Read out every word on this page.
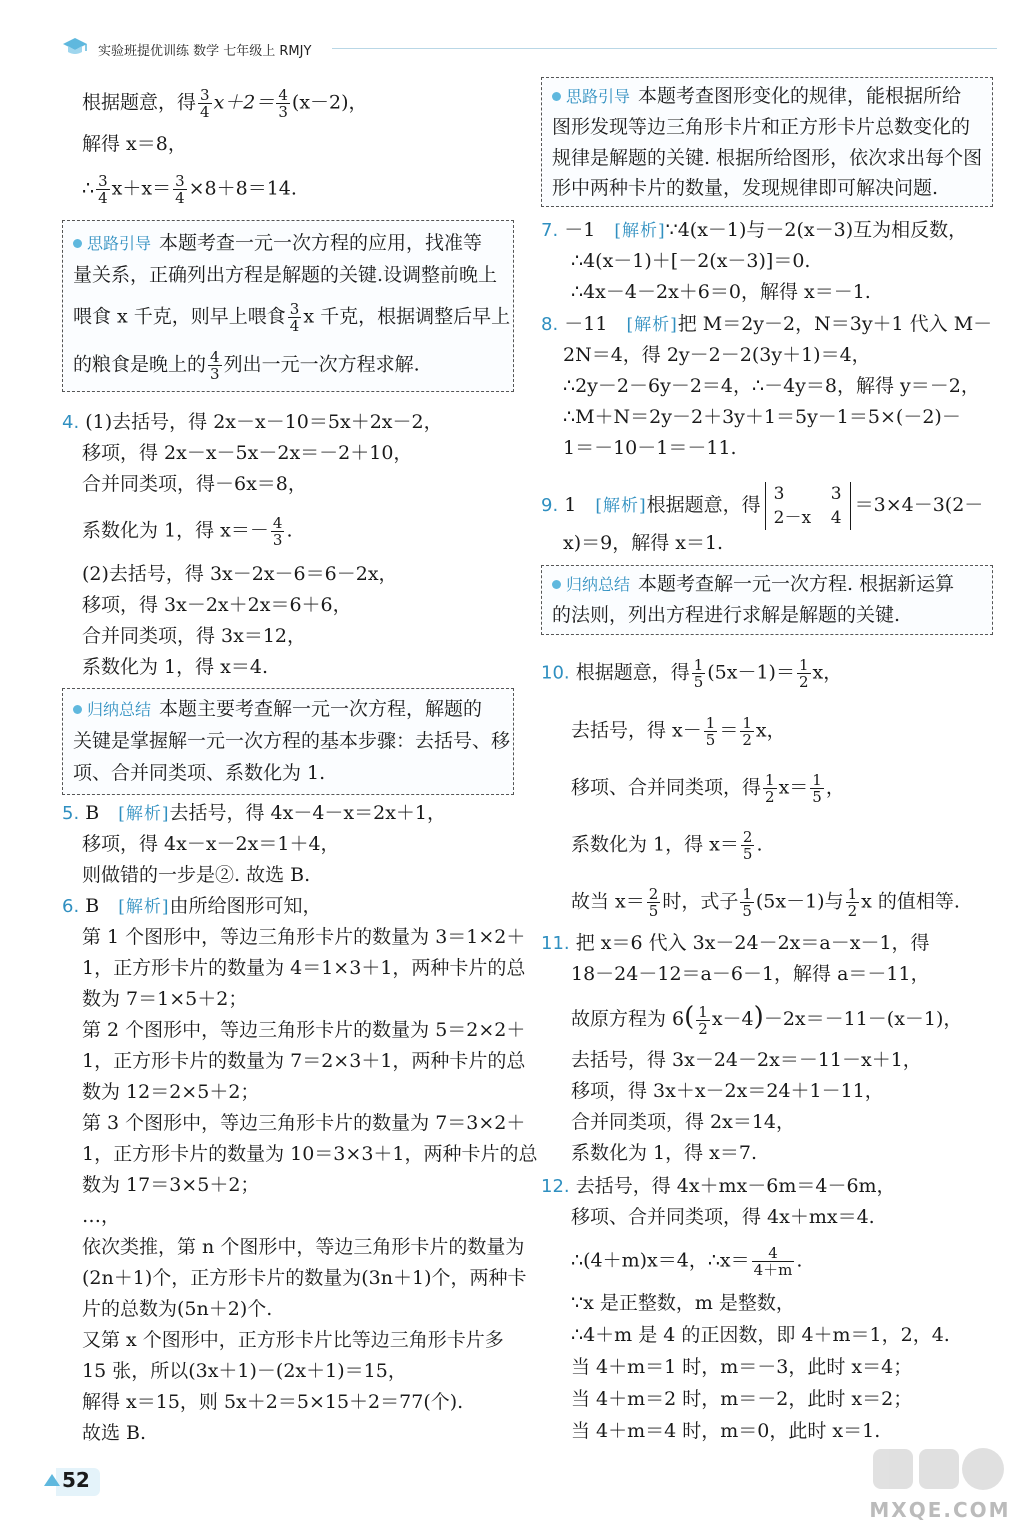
实验班提优训练 数学 七年级上 RMJY
根据题意，得 $\frac{3}{4} x+2= \frac{4}{3} (x-2)$，
解得 x＝8，
∴ $\frac{3}{4} x+x= \frac{3}{4} \times 8+8=14$.
思路引导 本题考查一元一次方程的应用，找准等
量关系，正确列出方程是解题的关键.设调整前晚上
喂食 x 千克，则早上喂食 $\frac{3}{4}$ x 千克，根据调整后早上
的粮食是晚上的 $\frac{4}{3}$ 列出一元一次方程求解.
4. (1)去括号，得 2x－x－10＝5x＋2x－2，
移项，得 2x－x－5x－2x＝－2＋10，
合并同类项，得－6x＝8，
系数化为 1，得 $x=- \frac{4}{3}$ .
(2)去括号，得 3x－2x－6＝6－2x，
移项，得 3x－2x＋2x＝6＋6，
合并同类项，得 3x＝12，
系数化为 1，得 x＝4.
归纳总结 本题主要考查解一元一次方程，解题的
关键是掌握解一元一次方程的基本步骤：去括号、移
项、合并同类项、系数化为 1.
5. B　 [解析]去括号，得 4x－4－x＝2x＋1，
移项，得 4x－x－2x＝1＋4，
则做错的一步是②. 故选 B.
6. B　 [解析]由所给图形可知，
第 1 个图形中，等边三角形卡片的数量为 3＝1×2＋
1，正方形卡片的数量为 4＝1×3＋1，两种卡片的总
数为 7＝1×5＋2；
第 2 个图形中，等边三角形卡片的数量为 5＝2×2＋
1，正方形卡片的数量为 7＝2×3＋1，两种卡片的总
数为 12＝2×5＋2；
第 3 个图形中，等边三角形卡片的数量为 7＝3×2＋
1，正方形卡片的数量为 10＝3×3＋1，两种卡片的总
数为 17＝3×5＋2；
…，
依次类推，第 n 个图形中，等边三角形卡片的数量为
(2n＋1)个，正方形卡片的数量为(3n＋1)个，两种卡
片的总数为(5n＋2)个.
又第 x 个图形中，正方形卡片比等边三角形卡片多
15 张，所以(3x＋1)－(2x＋1)＝15，
解得 x＝15，则 5x＋2＝5×15＋2＝77(个).
故选 B.
思路引导 本题考查图形变化的规律，能根据所给
图形发现等边三角形卡片和正方形卡片总数变化的
规律是解题的关键. 根据所给图形，依次求出每个图
形中两种卡片的数量，发现规律即可解决问题.
7. －1　 [解析]∵4(x－1)与－2(x－3)互为相反数，
∴4(x－1)＋[－2(x－3)]＝0.
∴4x－4－2x＋6＝0，解得 x＝－1.
8. －11　 [解析]把 M＝2y－2，N＝3y＋1 代入 M－
2N＝4，得 2y－2－2(3y＋1)＝4，
∴2y－2－6y－2＝4，∴－4y＝8，解得 y＝－2，
∴M＋N＝2y－2＋3y＋1＝5y－1＝5×(－2)－
1＝－10－1＝－11.
9. 1　 [解析]根据题意，得 3	3
2－x 4
＝3×4－3(2－
x)＝9，解得 x＝1.
归纳总结 本题考查解一元一次方程. 根据新运算
的法则，列出方程进行求解是解题的关键.
10. 根据题意，得 $\frac{1}{5} (5x-1)= \frac{1}{2}$ x，
去括号，得 $x- \frac{1}{5} = \frac{1}{2}$ x，
移项、合并同类项，得 $\frac{1}{2} x= \frac{1}{5}$ ，
系数化为 1，得 $x= \frac{2}{5}$ .
故当 $x= \frac{2}{5}$ 时，式子 $\frac{1}{5} (5x-1)$与 $\frac{1}{2}$ x 的值相等.
11. 把 x＝6 代入 3x－24－2x＝a－x－1，得
18－24－12＝a－6－1，解得 a＝－11，
故原方程为 $6( \frac{1}{2} x-4)-2x=-11-(x-1)$，
去括号，得 3x－24－2x＝－11－x＋1，
移项，得 3x＋x－2x＝24＋1－11，
合并同类项，得 2x＝14，
系数化为 1，得 x＝7.
12. 去括号，得 4x＋mx－6m＝4－6m，
移项、合并同类项，得 4x＋mx＝4.
∴(4＋m)x＝4，∴x＝ $\frac{4}{4+m}$ .
∵x 是正整数，m 是整数，
∴4＋m 是 4 的正因数，即 4＋m＝1，2，4.
当 4＋m＝1 时，m＝－3，此时 x＝4；
当 4＋m＝2 时，m＝－2，此时 x＝2；
当 4＋m＝4 时，m＝0，此时 x＝1.
52
MXQE.COM
